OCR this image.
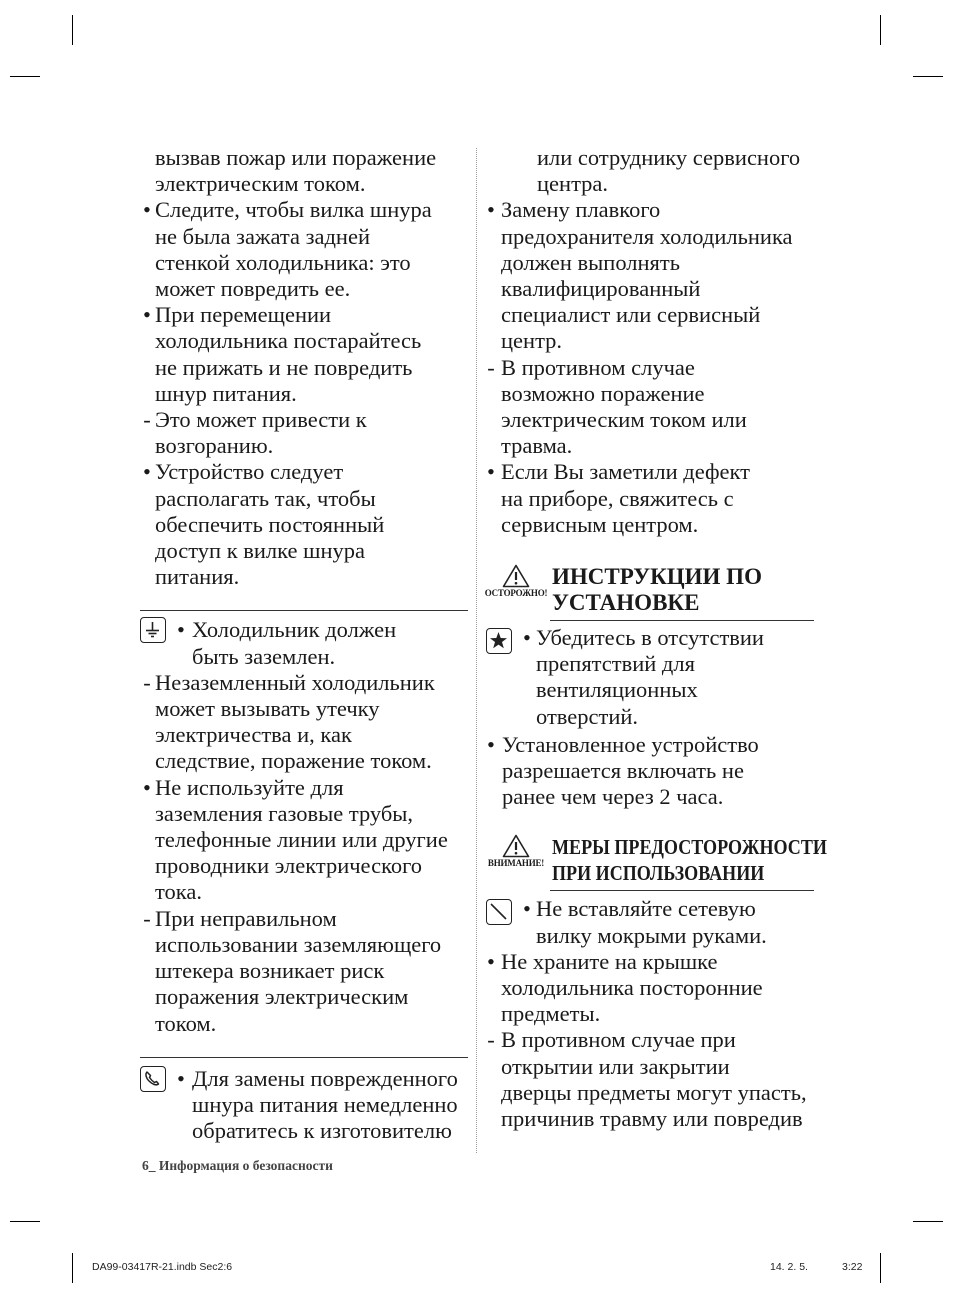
вызвав пожар или поражение
электрическим током.
• Следите, чтобы вилка шнура
не была зажата задней
стенкой холодильника: это
может повредить ее.
• При перемещении
холодильника постарайтесь
не прижать и не повредить
шнур питания.
- Это может привести к
возгоранию.
• Устройство следует
располагать так, чтобы
обеспечить постоянный
доступ к вилке шнура
питания.
• Холодильник должен
быть заземлен.
- Незаземленный холодильник
может вызывать утечку
электричества и, как
следствие, поражение током.
• Не используйте для
заземления газовые трубы,
телефонные линии или другие
проводники электрического
тока.
- При неправильном
использовании заземляющего
штекера возникает риск
поражения электрическим
током.
• Для замены поврежденного
шнура питания немедленно
обратитесь к изготовителю
или сотруднику сервисного
центра.
• Замену плавкого
предохранителя холодильника
должен выполнять
квалифицированный
специалист или сервисный
центр.
- В противном случае
возможно поражение
электрическим током или
травма.
• Если Вы заметили дефект
на приборе, свяжитесь с
сервисным центром.
ОСТОРОЖНО!
ИНСТРУКЦИИ ПО
УСТАНОВКЕ
• Убедитесь в отсутствии
препятствий для
вентиляционных
отверстий.
• Установленное устройство
разрешается включать не
ранее чем через 2 часа.
ВНИМАНИЕ!
МЕРЫ ПРЕДОСТОРОЖНОСТИ
ПРИ ИСПОЛЬЗОВАНИИ
• Не вставляйте сетевую
вилку мокрыми руками.
• Не храните на крышке
холодильника посторонние
предметы.
- В противном случае при
открытии или закрытии
дверцы предметы могут упасть,
причинив травму или повредив
6_ Информация о безопасности
DA99-03417R-21.indb Sec2:6	14. 2. 5.	3:22
